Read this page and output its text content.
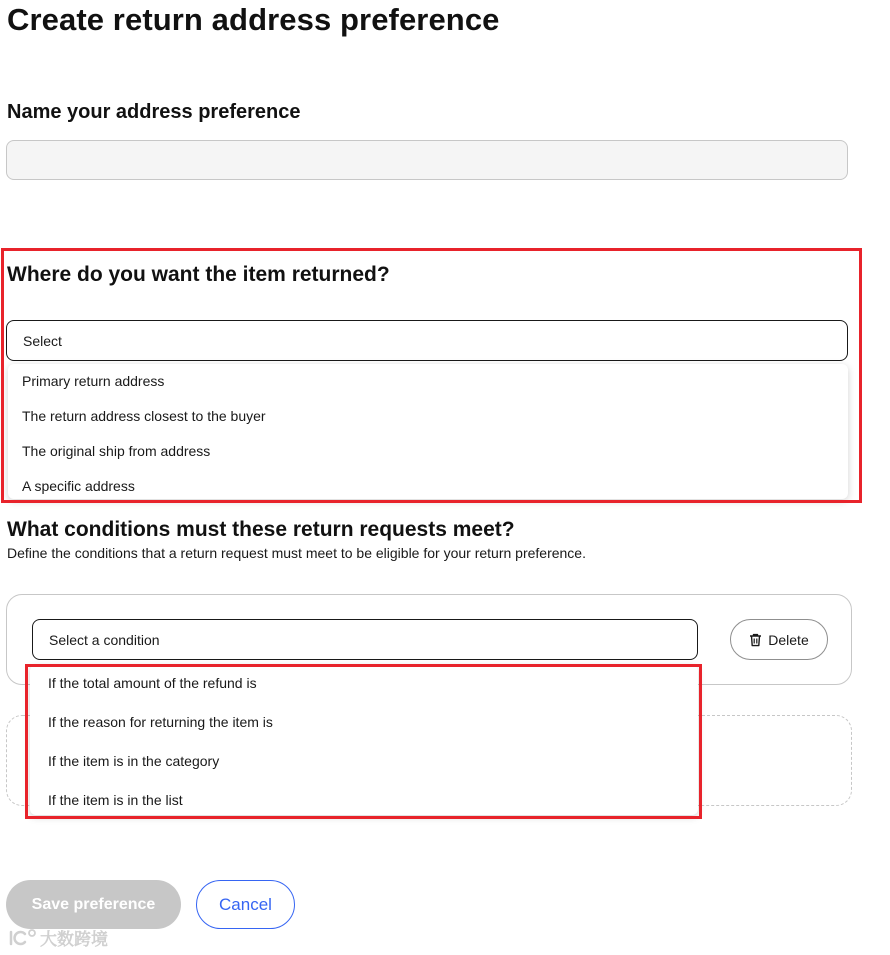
Create return address preference
Name your address preference
Where do you want the item returned?
Select
Primary return address
The return address closest to the buyer
The original ship from address
A specific address
What conditions must these return requests meet?
Define the conditions that a return request must meet to be eligible for your return preference.
Select a condition	Delete
If the total amount of the refund is
If the reason for returning the item is
If the item is in the category
If the item is in the list
Save preference	Cancel
大数跨境
